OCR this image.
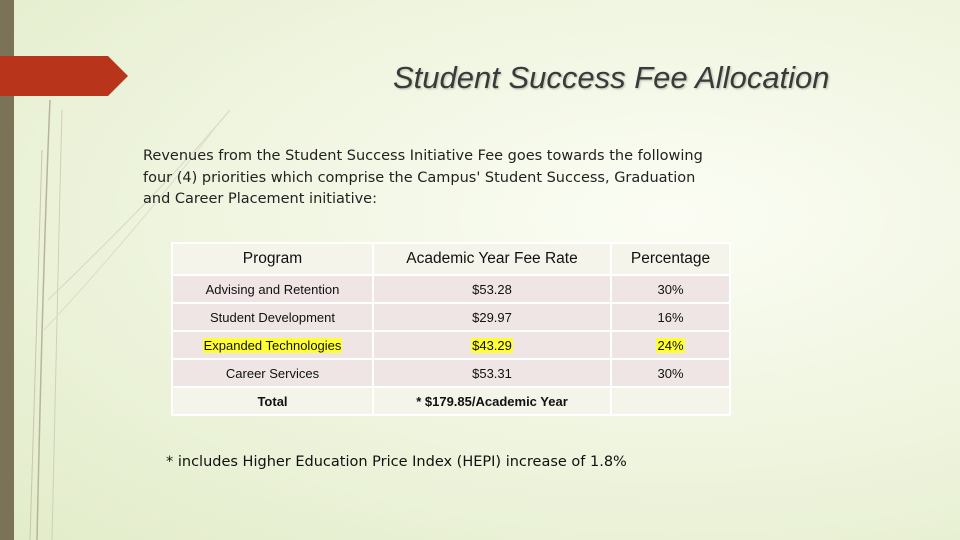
Student Success Fee Allocation
Revenues from the Student Success Initiative Fee goes towards the following four (4) priorities which comprise the Campus' Student Success, Graduation and Career Placement initiative:
Program	Academic Year Fee Rate	Percentage
Advising and Retention	$53.28	30%
Student Development	$29.97	16%
Expanded Technologies	$43.29	24%
Career Services	$53.31	30%
Total	* $179.85/Academic Year	
* includes Higher Education Price Index (HEPI) increase of 1.8%
